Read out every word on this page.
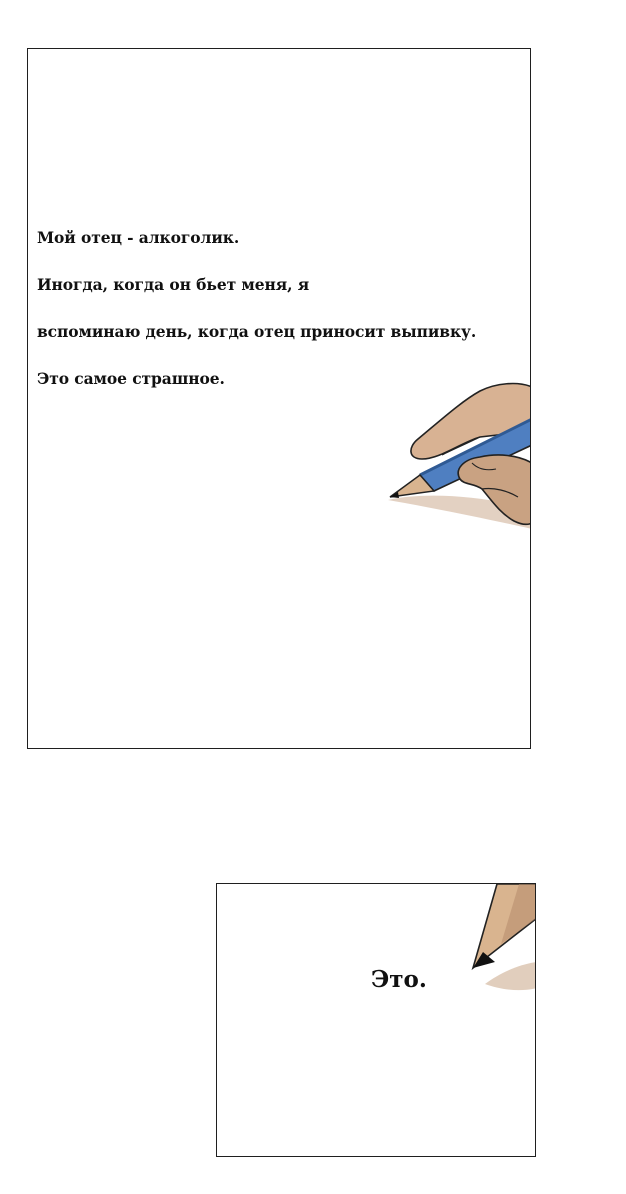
Мой отец - алкоголик.
Иногда, когда он бьет меня, я
вспоминаю день, когда отец приносит выпивку.
Это самое страшное.
Это.
